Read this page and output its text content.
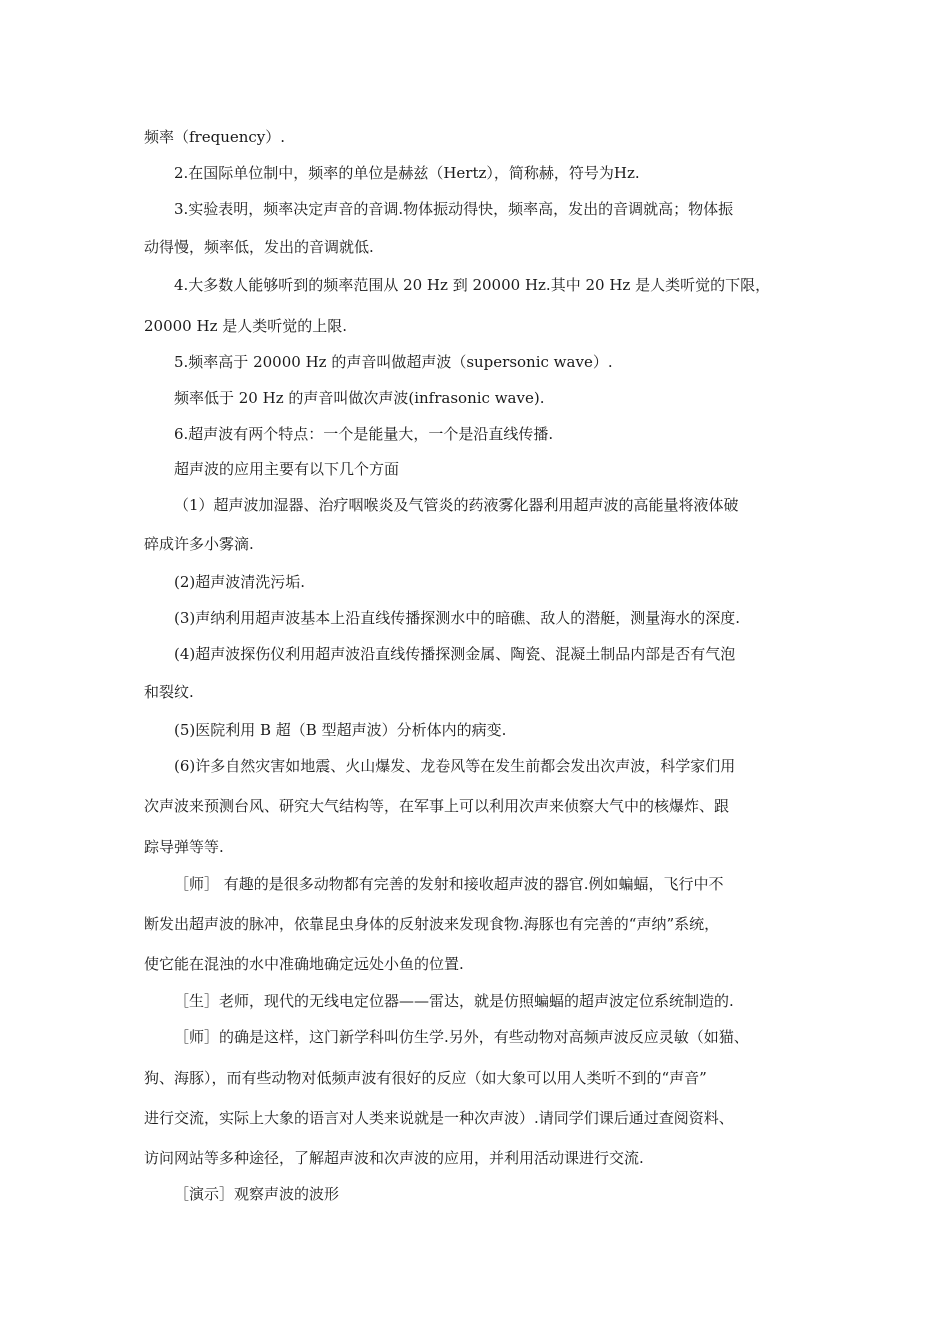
频率（frequency）.
2.在国际单位制中，频率的单位是赫兹（Hertz），简称赫，符号为Hz.
3.实验表明，频率决定声音的音调.物体振动得快，频率高，发出的音调就高；物体振
动得慢，频率低，发出的音调就低.
4.大多数人能够听到的频率范围从 20 Hz 到 20000 Hz.其中 20 Hz 是人类听觉的下限，
20000 Hz 是人类听觉的上限.
5.频率高于 20000 Hz 的声音叫做超声波（supersonic wave）.
频率低于 20 Hz 的声音叫做次声波(infrasonic wave).
6.超声波有两个特点：一个是能量大，一个是沿直线传播.
超声波的应用主要有以下几个方面
（1）超声波加湿器、治疗咽喉炎及气管炎的药液雾化器利用超声波的高能量将液体破
碎成许多小雾滴.
(2)超声波清洗污垢.
(3)声纳利用超声波基本上沿直线传播探测水中的暗礁、敌人的潜艇，测量海水的深度.
(4)超声波探伤仪利用超声波沿直线传播探测金属、陶瓷、混凝土制品内部是否有气泡
和裂纹.
(5)医院利用 B 超（B 型超声波）分析体内的病变.
(6)许多自然灾害如地震、火山爆发、龙卷风等在发生前都会发出次声波，科学家们用
次声波来预测台风、研究大气结构等，在军事上可以利用次声来侦察大气中的核爆炸、跟
踪导弹等等.
［师］ 有趣的是很多动物都有完善的发射和接收超声波的器官.例如蝙蝠，飞行中不
断发出超声波的脉冲，依靠昆虫身体的反射波来发现食物.海豚也有完善的“声纳”系统，
使它能在混浊的水中准确地确定远处小鱼的位置.
［生］老师，现代的无线电定位器——雷达，就是仿照蝙蝠的超声波定位系统制造的.
［师］的确是这样，这门新学科叫仿生学.另外，有些动物对高频声波反应灵敏（如猫、
狗、海豚），而有些动物对低频声波有很好的反应（如大象可以用人类听不到的“声音”
进行交流，实际上大象的语言对人类来说就是一种次声波）.请同学们课后通过查阅资料、
访问网站等多种途径，了解超声波和次声波的应用，并利用活动课进行交流.
［演示］观察声波的波形
